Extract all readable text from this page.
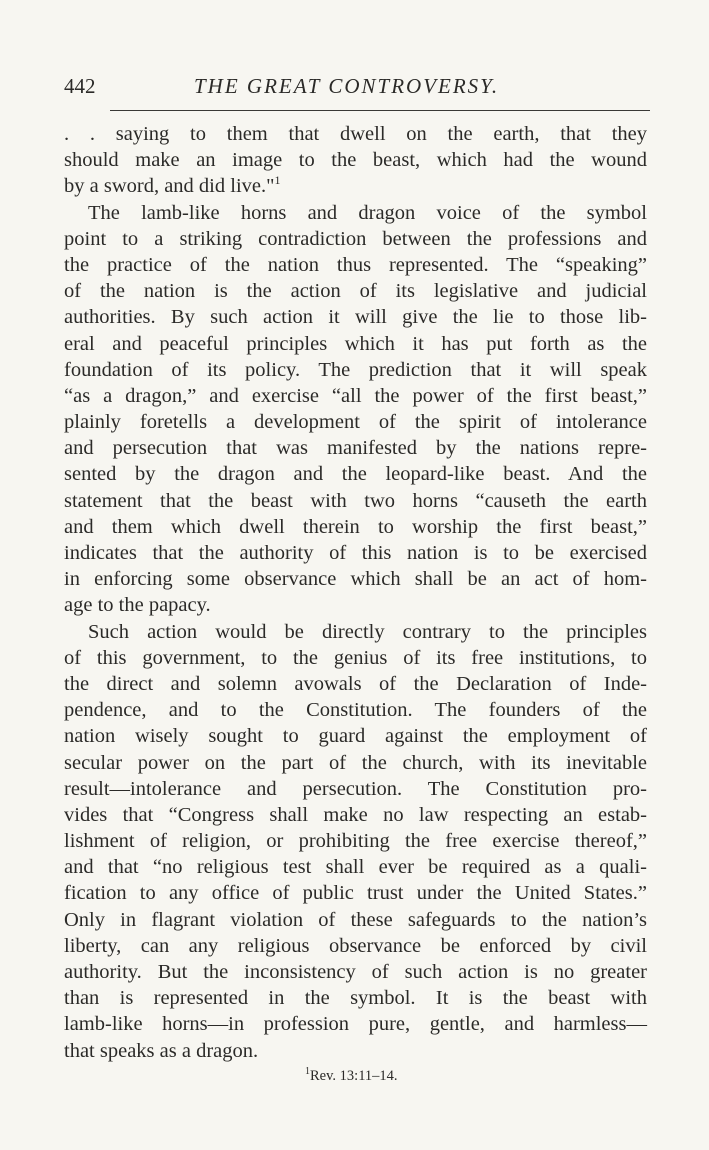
442	THE GREAT CONTROVERSY.
. . saying to them that dwell on the earth, that they
should make an image to the beast, which had the wound
by a sword, and did live."$^1$
The lamb-like horns and dragon voice of the symbol
point to a striking contradiction between the professions and
the practice of the nation thus represented. The “speaking”
of the nation is the action of its legislative and judicial
authorities. By such action it will give the lie to those lib-
eral and peaceful principles which it has put forth as the
foundation of its policy. The prediction that it will speak
“as a dragon,” and exercise “all the power of the first beast,”
plainly foretells a development of the spirit of intolerance
and persecution that was manifested by the nations repre-
sented by the dragon and the leopard-like beast. And the
statement that the beast with two horns “causeth the earth
and them which dwell therein to worship the first beast,”
indicates that the authority of this nation is to be exercised
in enforcing some observance which shall be an act of hom-
age to the papacy.
Such action would be directly contrary to the principles
of this government, to the genius of its free institutions, to
the direct and solemn avowals of the Declaration of Inde-
pendence, and to the Constitution. The founders of the
nation wisely sought to guard against the employment of
secular power on the part of the church, with its inevitable
result—intolerance and persecution. The Constitution pro-
vides that “Congress shall make no law respecting an estab-
lishment of religion, or prohibiting the free exercise thereof,”
and that “no religious test shall ever be required as a quali-
fication to any office of public trust under the United States.”
Only in flagrant violation of these safeguards to the nation’s
liberty, can any religious observance be enforced by civil
authority. But the inconsistency of such action is no greater
than is represented in the symbol. It is the beast with
lamb-like horns—in profession pure, gentle, and harmless—
that speaks as a dragon.
$^1$Rev. 13:11–14.
